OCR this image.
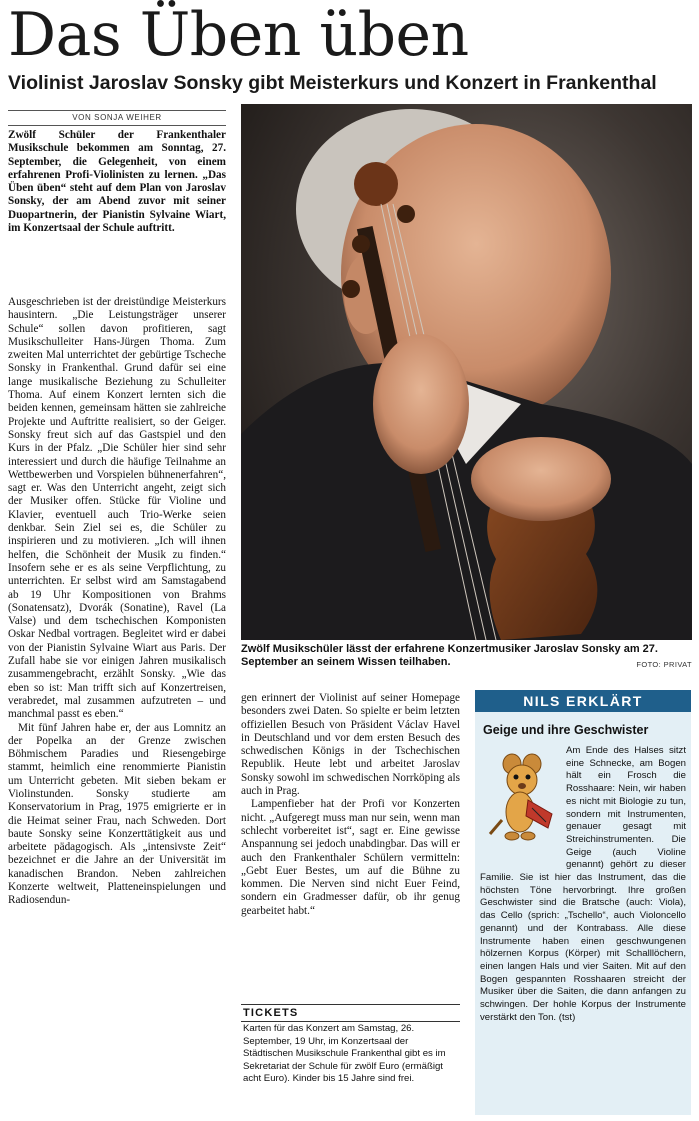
Das Üben üben
Violinist Jaroslav Sonsky gibt Meisterkurs und Konzert in Frankenthal
VON SONJA WEIHER
Zwölf Schüler der Frankenthaler Musikschule bekommen am Sonntag, 27. September, die Gelegenheit, von einem erfahrenen Profi-Violinisten zu lernen. „Das Üben üben“ steht auf dem Plan von Jaroslav Sonsky, der am Abend zuvor mit seiner Duopartnerin, der Pianistin Sylvaine Wiart, im Konzertsaal der Schule auftritt.

Ausgeschrieben ist der dreistündige Meisterkurs hausintern. „Die Leistungsträger unserer Schule“ sollen davon profitieren, sagt Musikschulleiter Hans-Jürgen Thoma. Zum zweiten Mal unterrichtet der gebürtige Tscheche Sonsky in Frankenthal. Grund dafür sei eine lange musikalische Beziehung zu Schulleiter Thoma. Auf einem Konzert lernten sich die beiden kennen, gemeinsam hätten sie zahlreiche Projekte und Auftritte realisiert, so der Geiger. Sonsky freut sich auf das Gastspiel und den Kurs in der Pfalz. „Die Schüler hier sind sehr interessiert und durch die häufige Teilnahme an Wettbewerben und Vorspielen bühnenerfahren“, sagt er. Was den Unterricht angeht, zeigt sich der Musiker offen. Stücke für Violine und Klavier, eventuell auch Trio-Werke seien denkbar. Sein Ziel sei es, die Schüler zu inspirieren und zu motivieren. „Ich will ihnen helfen, die Schönheit der Musik zu finden.“ Insofern sehe er es als seine Verpflichtung, zu unterrichten. Er selbst wird am Samstagabend ab 19 Uhr Kompositionen von Brahms (Sonatensatz), Dvorák (Sonatine), Ravel (La Valse) und dem tschechischen Komponisten Oskar Nedbal vortragen. Begleitet wird er dabei von der Pianistin Sylvaine Wiart aus Paris. Der Zufall habe sie vor einigen Jahren musikalisch zusammengebracht, erzählt Sonsky. „Wie das eben so ist: Man trifft sich auf Konzertreisen, verabredet, mal zusammen aufzutreten – und manchmal passt es eben.“

Mit fünf Jahren habe er, der aus Lomnitz an der Popelka an der Grenze zwischen Böhmischem Paradies und Riesengebirge stammt, heimlich eine renommierte Pianistin um Unterricht gebeten. Mit sieben bekam er Violinstunden. Sonsky studierte am Konservatorium in Prag, 1975 emigrierte er in die Heimat seiner Frau, nach Schweden. Dort baute Sonsky seine Konzerttätigkeit aus und arbeitete pädagogisch. Als „intensivste Zeit“ bezeichnet er die Jahre an der Universität im kanadischen Brandon. Neben zahlreichen Konzerte weltweit, Platteneinspielungen und Radiosendun-

Zwölf Musikschüler lässt der erfahrene Konzertmusiker Jaroslav Sonsky am 27. September an seinem Wissen teilhaben.	FOTO: PRIVAT

gen erinnert der Violinist auf seiner Homepage besonders zwei Daten. So spielte er beim letzten offiziellen Besuch von Präsident Václav Havel in Deutschland und vor dem ersten Besuch des schwedischen Königs in der Tschechischen Republik. Heute lebt und arbeitet Jaroslav Sonsky sowohl im schwedischen Norrköping als auch in Prag.

Lampenfieber hat der Profi vor Konzerten nicht. „Aufgeregt muss man nur sein, wenn man schlecht vorbereitet ist“, sagt er. Eine gewisse Anspannung sei jedoch unabdingbar. Das will er auch den Frankenthaler Schülern vermitteln: „Gebt Euer Bestes, um auf die Bühne zu kommen. Die Nerven sind nicht Euer Feind, sondern ein Gradmesser dafür, ob ihr genug gearbeitet habt.“

TICKETS
Karten für das Konzert am Samstag, 26. September, 19 Uhr, im Konzertsaal der Städtischen Musikschule Frankenthal gibt es im Sekretariat der Schule für zwölf Euro (ermäßigt acht Euro). Kinder bis 15 Jahre sind frei.
NILS ERKLÄRT
Geige und ihre Geschwister
Am Ende des Halses sitzt eine Schnecke, am Bogen hält ein Frosch die Rosshaare: Nein, wir haben es nicht mit Biologie zu tun, sondern mit Instrumenten, genauer gesagt mit Streichinstrumenten. Die Geige (auch Violine genannt) gehört zu dieser Familie. Sie ist hier das Instrument, das die höchsten Töne hervorbringt. Ihre großen Geschwister sind die Bratsche (auch: Viola), das Cello (sprich: „Tschello“, auch Violoncello genannt) und der Kontrabass. Alle diese Instrumente haben einen geschwungenen hölzernen Korpus (Körper) mit Schalllöchern, einen langen Hals und vier Saiten. Mit auf den Bogen gespannten Rosshaaren streicht der Musiker über die Saiten, die dann anfangen zu schwingen. Der hohle Korpus der Instrumente verstärkt den Ton. (tst)
